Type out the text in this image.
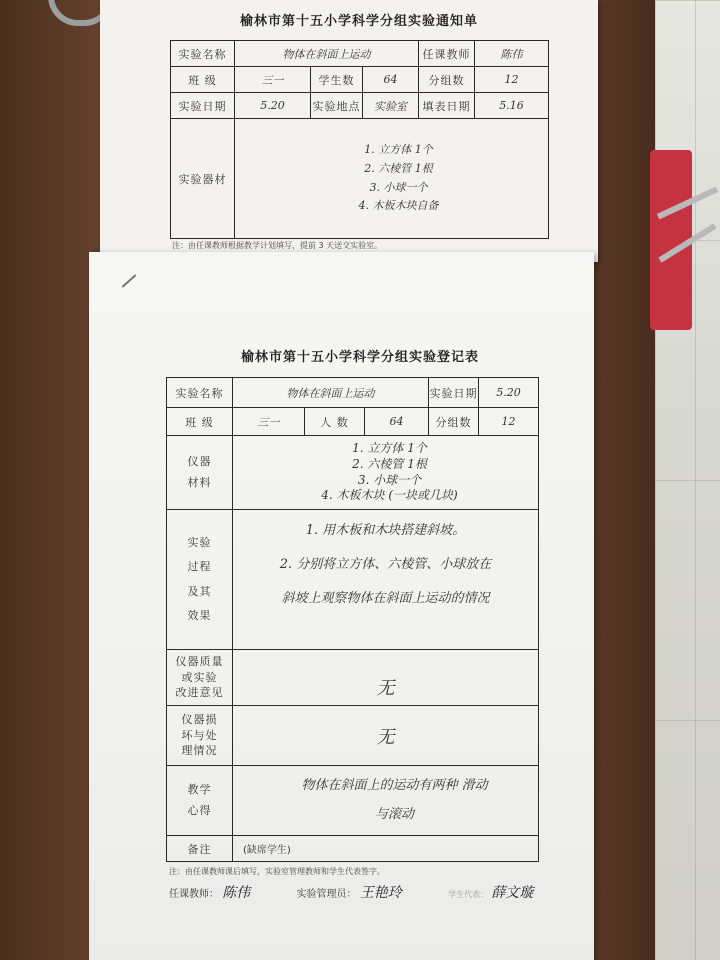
榆林市第十五小学科学分组实验通知单
实验名称	物体在斜面上运动			任课教师	陈伟
班 级	三一	学生数	64	分组数	12
实验日期	5.20	实验地点	实验室	填表日期	5.16
实验器材	1. 立方体 1个
2. 六棱管 1根
3. 小球一个
4. 木板木块自备				
注：由任课教师根据教学计划填写，提前 3 天送交实验室。
榆林市第十五小学科学分组实验登记表
实验名称	物体在斜面上运动			实验日期	5.20
班 级	三一	人 数	64	分组数	12

仪器
材料	1. 立方体 1个
2. 六棱管 1根
3. 小球一个
4. 木板木块 (一块或几块)				

实验
过程
及其
效果	1. 用木板和木块搭建斜坡。
2. 分别将立方体、六棱管、小球放在
斜坡上观察物体在斜面上运动的情况				

仪器质量
或实验
改进意见	无				

仪器损
坏与处
理情况	无				

教学
心得	物体在斜面上的运动有两种 滑动
与滚动				

备注	(缺席学生)				
注：由任课教师课后填写，实验室管理教师和学生代表签字。
任课教师： 陈伟	实验管理员： 王艳玲	学生代表： 薛文璇
